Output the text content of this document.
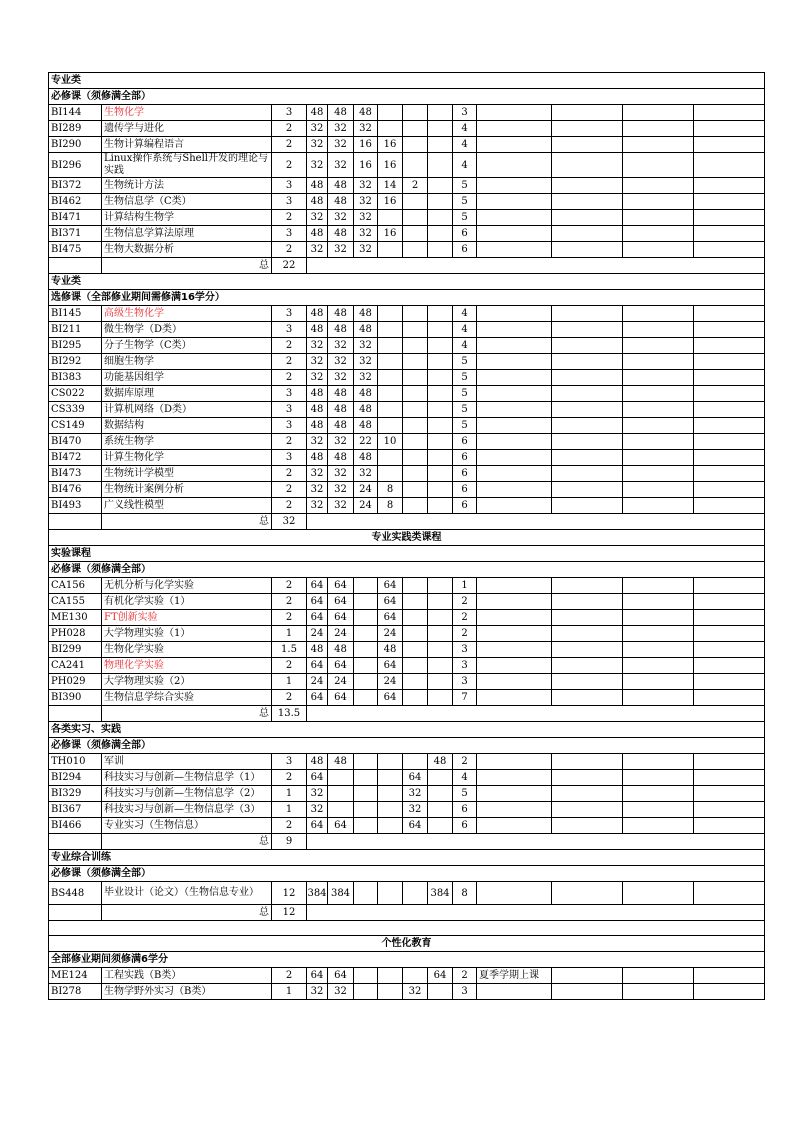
专业类													
必修课（须修满全部）													
BI144	生物化学	3	48	48	48				3				
BI289	遗传学与进化	2	32	32	32				4				
BI290	生物计算编程语言	2	32	32	16	16			4				
BI296	Linux操作系统与Shell开发的理论与实践	2	32	32	16	16			4				
BI372	生物统计方法	3	48	48	32	14	2		5				
BI462	生物信息学（C类）	3	48	48	32	16			5				
BI471	计算结构生物学	2	32	32	32				5				
BI371	生物信息学算法原理	3	48	48	32	16			6				
BI475	生物大数据分析	2	32	32	32				6				
	总	22											
专业类													
选修课（全部修业期间需修满16学分）													
BI145	高级生物化学	3	48	48	48				4				
BI211	微生物学（D类）	3	48	48	48				4				
BI295	分子生物学（C类）	2	32	32	32				4				
BI292	细胞生物学	2	32	32	32				5				
BI383	功能基因组学	2	32	32	32				5				
CS022	数据库原理	3	48	48	48				5				
CS339	计算机网络（D类）	3	48	48	48				5				
CS149	数据结构	3	48	48	48				5				
BI470	系统生物学	2	32	32	22	10			6				
BI472	计算生物化学	3	48	48	48				6				
BI473	生物统计学模型	2	32	32	32				6				
BI476	生物统计案例分析	2	32	32	24	8			6				
BI493	广义线性模型	2	32	32	24	8			6				
	总	32											
专业实践类课程													
实验课程													
必修课（须修满全部）													
CA156	无机分析与化学实验	2	64	64		64			1				
CA155	有机化学实验（1）	2	64	64		64			2				
ME130	FT创新实验	2	64	64		64			2				
PH028	大学物理实验（1）	1	24	24		24			2				
BI299	生物化学实验	1.5	48	48		48			3				
CA241	物理化学实验	2	64	64		64			3				
PH029	大学物理实验（2）	1	24	24		24			3				
BI390	生物信息学综合实验	2	64	64		64			7				
	总	13.5											
各类实习、实践													
必修课（须修满全部）													
TH010	军训	3	48	48				48	2				
BI294	科技实习与创新—生物信息学（1）	2	64				64		4				
BI329	科技实习与创新—生物信息学（2）	1	32				32		5				
BI367	科技实习与创新—生物信息学（3）	1	32				32		6				
BI466	专业实习（生物信息）	2	64	64			64		6				
	总	9											
专业综合训练													
必修课（须修满全部）													
BS448	毕业设计（论文）（生物信息专业）	12	384	384				384	8				
	总	12											

个性化教育													
全部修业期间须修满6学分													
ME124	工程实践（B类）	2	64	64				64	2	夏季学期上课			
BI278	生物学野外实习（B类）	1	32	32			32		3				
